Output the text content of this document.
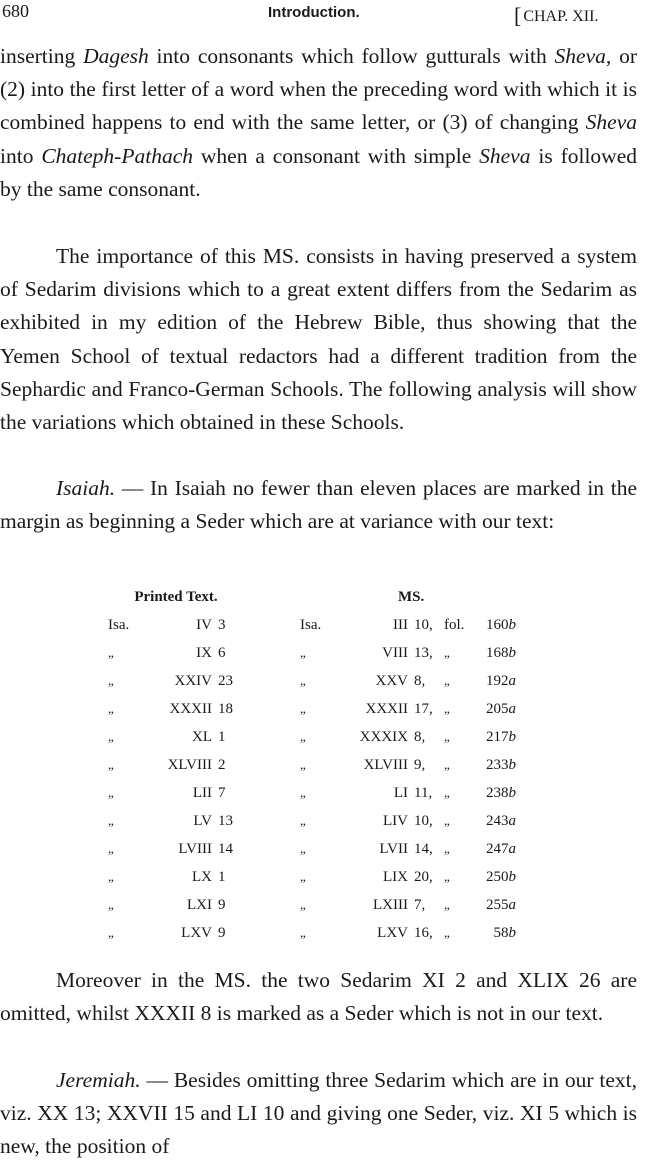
680	Introduction.	[ CHAP. XII.

inserting Dagesh into consonants which follow gutturals with Sheva, or (2) into the first letter of a word when the preceding word with which it is combined happens to end with the same letter, or (3) of changing Sheva into Chateph-Pathach when a consonant with simple Sheva is followed by the same consonant.

The importance of this MS. consists in having preserved a system of Sedarim divisions which to a great extent differs from the Sedarim as exhibited in my edition of the Hebrew Bible, thus showing that the Yemen School of textual redactors had a different tradition from the Sephardic and Franco-German Schools. The following analysis will show the variations which obtained in these Schools.

Isaiah. — In Isaiah no fewer than eleven places are marked in the margin as beginning a Seder which are at variance with our text:

Printed Text.				MS.				
Isa.	IV	3		Isa.	III	10,	fol.	160b
„	IX	6		„	VIII	13,	„	168b
„	XXIV	23		„	XXV	8,	„	192a
„	XXXII	18		„	XXXII	17,	„	205a
„	XL	1		„	XXXIX	8,	„	217b
„	XLVIII	2		„	XLVIII	9,	„	233b
„	LII	7		„	LI	11,	„	238b
„	LV	13		„	LIV	10,	„	243a
„	LVIII	14		„	LVII	14,	„	247a
„	LX	1		„	LIX	20,	„	250b
„	LXI	9		„	LXIII	7,	„	255a
„	LXV	9		„	LXV	16,	„	58b

Moreover in the MS. the two Sedarim XI 2 and XLIX 26 are omitted, whilst XXXII 8 is marked as a Seder which is not in our text.

Jeremiah. — Besides omitting three Sedarim which are in our text, viz. XX 13; XXVII 15 and LI 10 and giving one Seder, viz. XI 5 which is new, the position of
